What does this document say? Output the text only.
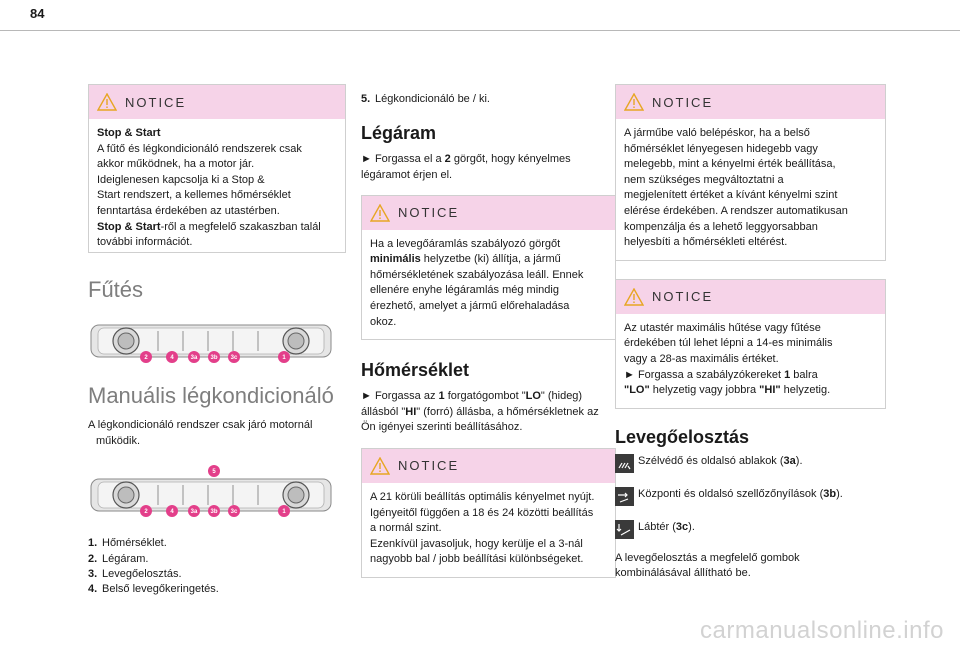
84
NOTICE
Stop & Start
A fűtő és légkondicionáló rendszerek csak
akkor működnek, ha a motor jár.
Ideiglenesen kapcsolja ki a Stop &
Start rendszert, a kellemes hőmérséklet
fenntartása érdekében az utastérben.
Stop & Start-ről a megfelelő szakaszban talál
további információt.
Fűtés
2	4	3a 3b 3c	1
Manuális légkondicionáló

A légkondicionáló rendszer csak járó motornál

működik.

5
2	4	3a 3b 3c	1
1. Hőmérséklet.
2. Légáram.
3. Levegőelosztás.
4. Belső levegőkeringetés.
5. Légkondicionáló be / ki.
Légáram

► Forgassa el a 2 görgőt, hogy kényelmes

légáramot érjen el.

NOTICE
Ha a levegőáramlás szabályozó görgőt
minimális helyzetbe (ki) állítja, a jármű
hőmérsékletének szabályozása leáll. Ennek
ellenére enyhe légáramlás még mindig
érezhető, amelyet a jármű előrehaladása
okoz.
Hőmérséklet

► Forgassa az 1 forgatógombot "LO" (hideg)

állásból "HI" (forró) állásba, a hőmérsékletnek az

Ön igényei szerinti beállításához.

NOTICE
A 21 körüli beállítás optimális kényelmet nyújt.
Igényeitől függően a 18 és 24 közötti beállítás
a normál szint.
Ezenkívül javasoljuk, hogy kerülje el a 3-nál
nagyobb bal / jobb beállítási különbségeket.
NOTICE
A járműbe való belépéskor, ha a belső
hőmérséklet lényegesen hidegebb vagy
melegebb, mint a kényelmi érték beállítása,
nem szükséges megváltoztatni a
megjelenített értéket a kívánt kényelmi szint
elérése érdekében. A rendszer automatikusan
kompenzálja és a lehető leggyorsabban
helyesbíti a hőmérsékleti eltérést.
NOTICE
Az utastér maximális hűtése vagy fűtése
érdekében túl lehet lépni a 14-es minimális
vagy a 28-as maximális értéket.
► Forgassa a szabályzókereket 1 balra
"LO" helyzetig vagy jobbra "HI" helyzetig.
Levegőelosztás
Szélvédő és oldalsó ablakok (3a).
Központi és oldalsó szellőzőnyílások (3b).
Lábtér (3c).

A levegőelosztás a megfelelő gombok

kombinálásával állítható be.

carmanualsonline.info
